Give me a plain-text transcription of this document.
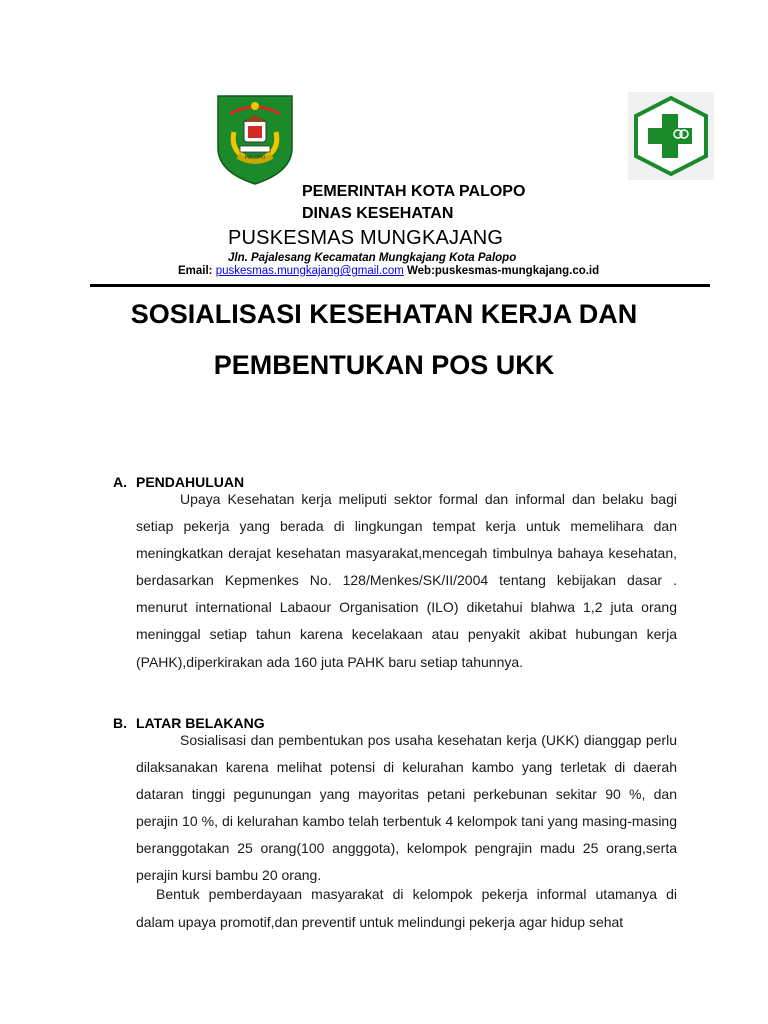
PALOPO
PEMERINTAH KOTA PALOPO
DINAS KESEHATAN
PUSKESMAS MUNGKAJANG
Jln. Pajalesang Kecamatan Mungkajang Kota Palopo
Email: puskesmas.mungkajang@gmail.com Web:puskesmas-mungkajang.co.id
SOSIALISASI KESEHATAN KERJA DAN
PEMBENTUKAN POS UKK
A. PENDAHULUAN
Upaya Kesehatan kerja meliputi sektor formal dan informal dan belaku bagi setiap pekerja yang berada di lingkungan tempat kerja untuk memelihara dan meningkatkan derajat kesehatan masyarakat,mencegah timbulnya bahaya kesehatan, berdasarkan Kepmenkes No. 128/Menkes/SK/II/2004 tentang kebijakan dasar . menurut international Labaour Organisation (ILO) diketahui blahwa 1,2 juta orang meninggal setiap tahun karena kecelakaan atau penyakit akibat hubungan kerja (PAHK),diperkirakan ada 160 juta PAHK baru setiap tahunnya.
B. LATAR BELAKANG
Sosialisasi dan pembentukan pos usaha kesehatan kerja (UKK) dianggap perlu dilaksanakan karena melihat potensi di kelurahan kambo yang terletak di daerah dataran tinggi pegunungan yang mayoritas petani perkebunan sekitar 90 %, dan perajin 10 %, di kelurahan kambo telah terbentuk 4 kelompok tani yang masing-masing beranggotakan 25 orang(100 angggota), kelompok pengrajin madu 25 orang,serta perajin kursi bambu 20 orang.
Bentuk pemberdayaan masyarakat di kelompok pekerja informal utamanya di dalam upaya promotif,dan preventif untuk melindungi pekerja agar hidup sehat
